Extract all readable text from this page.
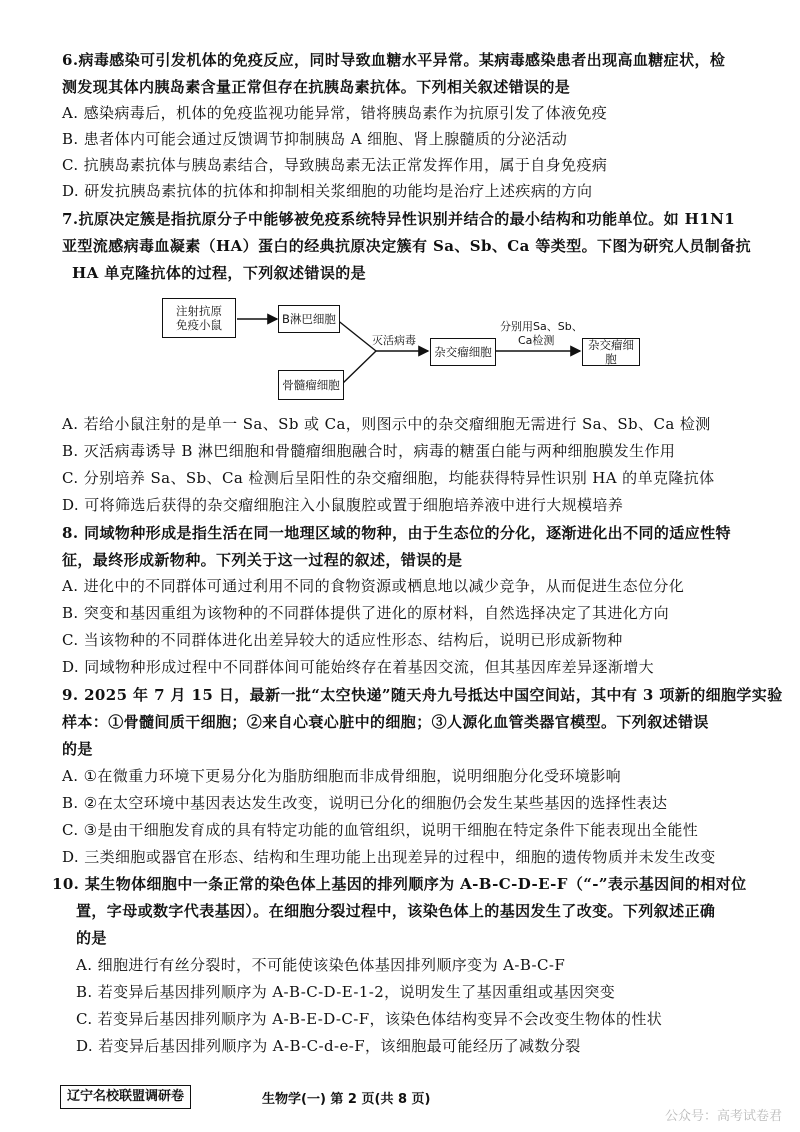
6.病毒感染可引发机体的免疫反应，同时导致血糖水平异常。某病毒感染患者出现高血糖症状，检
测发现其体内胰岛素含量正常但存在抗胰岛素抗体。下列相关叙述错误的是
A. 感染病毒后，机体的免疫监视功能异常，错将胰岛素作为抗原引发了体液免疫
B. 患者体内可能会通过反馈调节抑制胰岛 A 细胞、肾上腺髓质的分泌活动
C. 抗胰岛素抗体与胰岛素结合，导致胰岛素无法正常发挥作用，属于自身免疫病
D. 研发抗胰岛素抗体的抗体和抑制相关浆细胞的功能均是治疗上述疾病的方向
7.抗原决定簇是指抗原分子中能够被免疫系统特异性识别并结合的最小结构和功能单位。如 H1N1
亚型流感病毒血凝素（HA）蛋白的经典抗原决定簇有 Sa、Sb、Ca 等类型。下图为研究人员制备抗
HA 单克隆抗体的过程，下列叙述错误的是
注射抗原
免疫小鼠	B淋巴细胞
骨髓瘤细胞
灭活病毒
杂交瘤细胞
分别用Sa、Sb、
Ca检测	杂交瘤细胞
A. 若给小鼠注射的是单一 Sa、Sb 或 Ca，则图示中的杂交瘤细胞无需进行 Sa、Sb、Ca 检测
B. 灭活病毒诱导 B 淋巴细胞和骨髓瘤细胞融合时，病毒的糖蛋白能与两种细胞膜发生作用
C. 分别培养 Sa、Sb、Ca 检测后呈阳性的杂交瘤细胞，均能获得特异性识别 HA 的单克隆抗体
D. 可将筛选后获得的杂交瘤细胞注入小鼠腹腔或置于细胞培养液中进行大规模培养
8. 同域物种形成是指生活在同一地理区域的物种，由于生态位的分化，逐渐进化出不同的适应性特
征，最终形成新物种。下列关于这一过程的叙述，错误的是
A. 进化中的不同群体可通过利用不同的食物资源或栖息地以减少竞争，从而促进生态位分化
B. 突变和基因重组为该物种的不同群体提供了进化的原材料，自然选择决定了其进化方向
C. 当该物种的不同群体进化出差异较大的适应性形态、结构后，说明已形成新物种
D. 同域物种形成过程中不同群体间可能始终存在着基因交流，但其基因库差异逐渐增大
9. 2025 年 7 月 15 日，最新一批“太空快递”随天舟九号抵达中国空间站，其中有 3 项新的细胞学实验
样本：①骨髓间质干细胞；②来自心衰心脏中的细胞；③人源化血管类器官模型。下列叙述错误
的是
A. ①在微重力环境下更易分化为脂肪细胞而非成骨细胞，说明细胞分化受环境影响
B. ②在太空环境中基因表达发生改变，说明已分化的细胞仍会发生某些基因的选择性表达
C. ③是由干细胞发育成的具有特定功能的血管组织，说明干细胞在特定条件下能表现出全能性
D. 三类细胞或器官在形态、结构和生理功能上出现差异的过程中，细胞的遗传物质并未发生改变
10. 某生物体细胞中一条正常的染色体上基因的排列顺序为 A-B-C-D-E-F（“-”表示基因间的相对位
置，字母或数字代表基因）。在细胞分裂过程中，该染色体上的基因发生了改变。下列叙述正确
的是
A. 细胞进行有丝分裂时，不可能使该染色体基因排列顺序变为 A-B-C-F
B. 若变异后基因排列顺序为 A-B-C-D-E-1-2，说明发生了基因重组或基因突变
C. 若变异后基因排列顺序为 A-B-E-D-C-F，该染色体结构变异不会改变生物体的性状
D. 若变异后基因排列顺序为 A-B-C-d-e-F，该细胞最可能经历了减数分裂
辽宁名校联盟调研卷	生物学(一) 第 2 页(共 8 页)
公众号：高考试卷君
